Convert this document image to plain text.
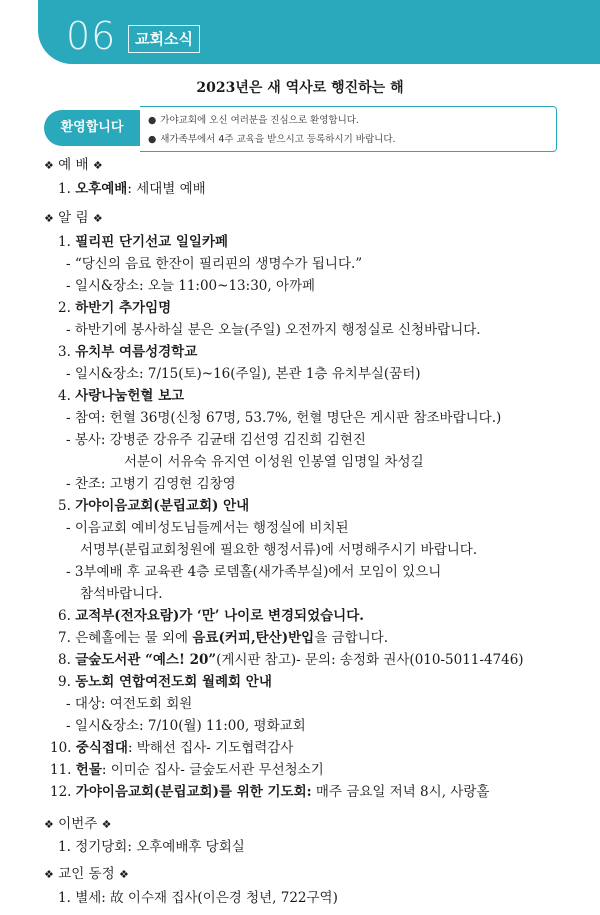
06	교회소식
2023년은 새 역사로 행진하는 해
환영합니다	● 가야교회에 오신 여러분을 진심으로 환영합니다.
● 새가족부에서 4주 교육을 받으시고 등록하시기 바랍니다.
❖ 예 배 ❖
1. 오후예배: 세대별 예배
❖ 알 림 ❖
1. 필리핀 단기선교 일일카페
- “당신의 음료 한잔이 필리핀의 생명수가 됩니다.”
- 일시&장소: 오늘 11:00~13:30, 아까페
2. 하반기 추가임명
- 하반기에 봉사하실 분은 오늘(주일) 오전까지 행정실로 신청바랍니다.
3. 유치부 여름성경학교
- 일시&장소: 7/15(토)~16(주일), 본관 1층 유치부실(꿈터)
4. 사랑나눔헌혈 보고
- 참여: 헌혈 36명(신청 67명, 53.7%, 헌혈 명단은 게시판 참조바랍니다.)
- 봉사: 강병준 강유주 김균태 김선영 김진희 김현진
서분이 서유숙 유지연 이성원 인봉열 임명일 차성길
- 찬조: 고병기 김영현 김창영
5. 가야이음교회(분립교회) 안내
- 이음교회 예비성도님들께서는 행정실에 비치된
서명부(분립교회청원에 필요한 행정서류)에 서명해주시기 바랍니다.
- 3부예배 후 교육관 4층 로뎀홀(새가족부실)에서 모임이 있으니
참석바랍니다.
6. 교적부(전자요람)가 ‘만’ 나이로 변경되었습니다.
7. 은혜홀에는 물 외에 음료(커피,탄산)반입을 금합니다.
8. 글숲도서관 “예스! 20”(게시판 참고)- 문의: 송정화 권사(010-5011-4746)
9. 동노회 연합여전도회 월례회 안내
- 대상: 여전도회 회원
- 일시&장소: 7/10(월) 11:00, 평화교회
10. 중식접대: 박해선 집사- 기도협력감사
11. 헌물: 이미순 집사- 글숲도서관 무선청소기
12. 가야이음교회(분립교회)를 위한 기도회: 매주 금요일 저녁 8시, 사랑홀
❖ 이번주 ❖
1. 정기당회: 오후예배후 당회실
❖ 교인 동정 ❖
1. 별세: 故 이수재 집사(이은경 청년, 722구역)
